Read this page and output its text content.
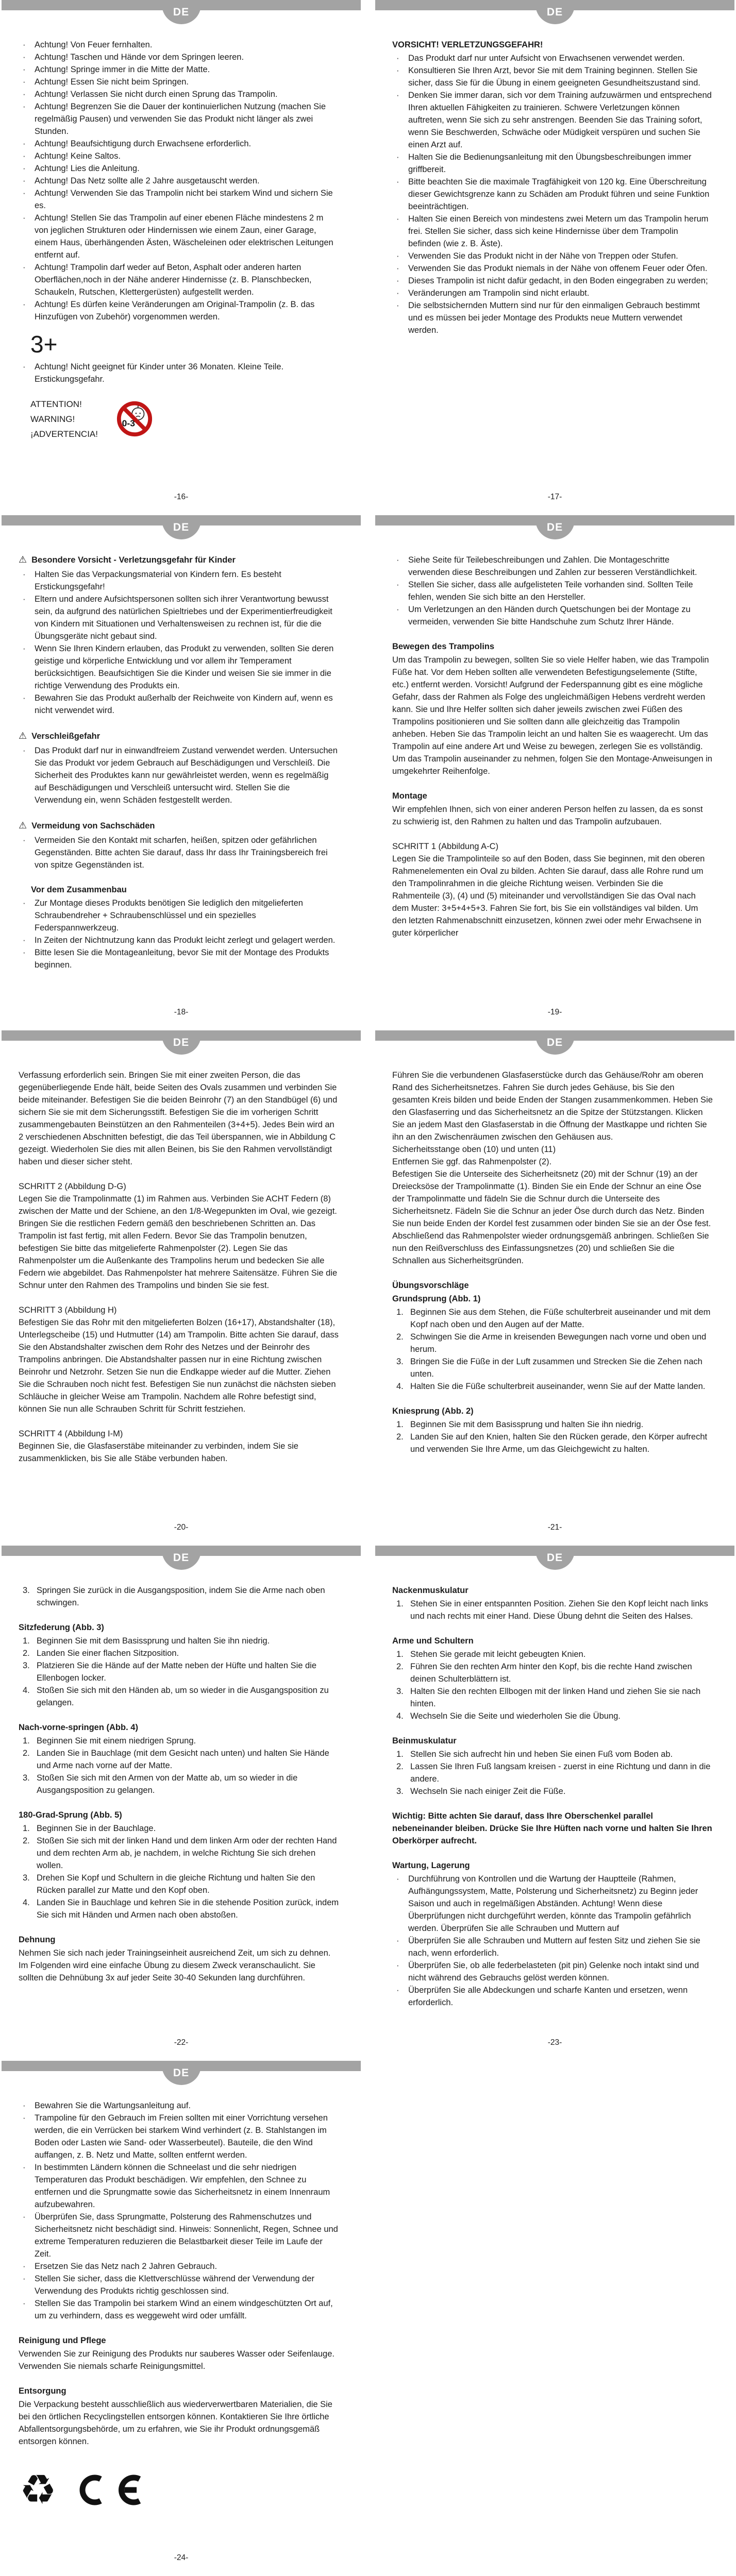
DE
·	Achtung! Von Feuer fernhalten.
·	Achtung! Taschen und Hände vor dem Springen leeren.
·	Achtung! Springe immer in die Mitte der Matte.
·	Achtung! Essen Sie nicht beim Springen.
·	Achtung! Verlassen Sie nicht durch einen Sprung das Trampolin.
·	Achtung! Begrenzen Sie die Dauer der kontinuierlichen Nutzung (machen Sie regelmäßig Pausen) und verwenden Sie das Produkt nicht länger als zwei Stunden.
·	Achtung! Beaufsichtigung durch Erwachsene erforderlich.
·	Achtung! Keine Saltos.
·	Achtung! Lies die Anleitung.
·	Achtung! Das Netz sollte alle 2 Jahre ausgetauscht werden.
·	Achtung! Verwenden Sie das Trampolin nicht bei starkem Wind und sichern Sie es.
·	Achtung! Stellen Sie das Trampolin auf einer ebenen Fläche mindestens 2 m von jeglichen Strukturen oder Hindernissen wie einem Zaun, einer Garage, einem Haus, überhängenden Ästen, Wäscheleinen oder elektrischen Leitungen entfernt auf.
·	Achtung! Trampolin darf weder auf Beton, Asphalt oder anderen harten Oberflächen,noch in der Nähe anderer Hindernisse (z. B. Planschbecken, Schaukeln, Rutschen, Klettergerüsten) aufgestellt werden.
·	Achtung! Es dürfen keine Veränderungen am Original-Trampolin (z. B. das Hinzufügen von Zubehör) vorgenommen werden.
3+
·	Achtung! Nicht geeignet für Kinder unter 36 Monaten. Kleine Teile. Erstickungsgefahr.
ATTENTION!
WARNING!
¡ADVERTENCIA!
0-3
-16-
DE
VORSICHT! VERLETZUNGSGEFAHR!
·	Das Produkt darf nur unter Aufsicht von Erwachsenen verwendet werden.
·	Konsultieren Sie Ihren Arzt, bevor Sie mit dem Training beginnen. Stellen Sie sicher, dass Sie für die Übung in einem geeigneten Gesundheitszustand sind.
·	Denken Sie immer daran, sich vor dem Training aufzuwärmen und entsprechend Ihren aktuellen Fähigkeiten zu trainieren. Schwere Verletzungen können auftreten, wenn Sie sich zu sehr anstrengen. Beenden Sie das Training sofort, wenn Sie Beschwerden, Schwäche oder Müdigkeit verspüren und suchen Sie einen Arzt auf.
·	Halten Sie die Bedienungsanleitung mit den Übungsbeschreibungen immer griffbereit.
·	Bitte beachten Sie die maximale Tragfähigkeit von 120 kg. Eine Überschreitung dieser Gewichtsgrenze kann zu Schäden am Produkt führen und seine Funktion beeinträchtigen.
·	Halten Sie einen Bereich von mindestens zwei Metern um das Trampolin herum frei. Stellen Sie sicher, dass sich keine Hindernisse über dem Trampolin befinden (wie z. B. Äste).
·	Verwenden Sie das Produkt nicht in der Nähe von Treppen oder Stufen.
·	Verwenden Sie das Produkt niemals in der Nähe von offenem Feuer oder Öfen.
·	Dieses Trampolin ist nicht dafür gedacht, in den Boden eingegraben zu werden;
·	Veränderungen am Trampolin sind nicht erlaubt.
·	Die selbstsichernden Muttern sind nur für den einmaligen Gebrauch bestimmt und es müssen bei jeder Montage des Produkts neue Muttern verwendet werden.
-17-
DE
⚠ Besondere Vorsicht - Verletzungsgefahr für Kinder
·	Halten Sie das Verpackungsmaterial von Kindern fern. Es besteht Erstickungsgefahr!
·	Eltern und andere Aufsichtspersonen sollten sich ihrer Verantwortung bewusst sein, da aufgrund des natürlichen Spieltriebes und der Experimentierfreudigkeit von Kindern mit Situationen und Verhaltensweisen zu rechnen ist, für die die Übungsgeräte nicht gebaut sind.
·	Wenn Sie Ihren Kindern erlauben, das Produkt zu verwenden, sollten Sie deren geistige und körperliche Entwicklung und vor allem ihr Temperament berücksichtigen. Beaufsichtigen Sie die Kinder und weisen Sie sie immer in die richtige Verwendung des Produkts ein.
·	Bewahren Sie das Produkt außerhalb der Reichweite von Kindern auf, wenn es nicht verwendet wird.
⚠ Verschleißgefahr
·	Das Produkt darf nur in einwandfreiem Zustand verwendet werden. Untersuchen Sie das Produkt vor jedem Gebrauch auf Beschädigungen und Verschleiß. Die Sicherheit des Produktes kann nur gewährleistet werden, wenn es regelmäßig auf Beschädigungen und Verschleiß untersucht wird. Stellen Sie die Verwendung ein, wenn Schäden festgestellt werden.
⚠ Vermeidung von Sachschäden
·	Vermeiden Sie den Kontakt mit scharfen, heißen, spitzen oder gefährlichen Gegenständen. Bitte achten Sie darauf, dass Ihr dass Ihr Trainingsbereich frei von spitze Gegenständen ist.
Vor dem Zusammenbau
·	Zur Montage dieses Produkts benötigen Sie lediglich den mitgelieferten Schraubendreher + Schraubenschlüssel und ein spezielles Federspannwerkzeug.
·	In Zeiten der Nichtnutzung kann das Produkt leicht zerlegt und gelagert werden.
·	Bitte lesen Sie die Montageanleitung, bevor Sie mit der Montage des Produkts beginnen.
-18-
DE
·	Siehe Seite für Teilebeschreibungen und Zahlen. Die Montageschritte verwenden diese Beschreibungen und Zahlen zur besseren Verständlichkeit.
·	Stellen Sie sicher, dass alle aufgelisteten Teile vorhanden sind. Sollten Teile fehlen, wenden Sie sich bitte an den Hersteller.
·	Um Verletzungen an den Händen durch Quetschungen bei der Montage zu vermeiden, verwenden Sie bitte Handschuhe zum Schutz Ihrer Hände.
Bewegen des Trampolins

Um das Trampolin zu bewegen, sollten Sie so viele Helfer haben, wie das Trampolin Füße hat. Vor dem Heben sollten alle verwendeten Befestigungselemente (Stifte, etc.) entfernt werden. Vorsicht! Aufgrund der Federspannung gibt es eine mögliche Gefahr, dass der Rahmen als Folge des ungleichmäßigen Hebens verdreht werden kann. Sie und Ihre Helfer sollten sich daher jeweils zwischen zwei Füßen des Trampolins positionieren und Sie sollten dann alle gleichzeitig das Trampolin anheben. Heben Sie das Trampolin leicht an und halten Sie es waagerecht. Um das Trampolin auf eine andere Art und Weise zu bewegen, zerlegen Sie es vollständig. Um das Trampolin auseinander zu nehmen, folgen Sie den Montage-Anweisungen in umgekehrter Reihenfolge.

Montage

Wir empfehlen Ihnen, sich von einer anderen Person helfen zu lassen, da es sonst zu schwierig ist, den Rahmen zu halten und das Trampolin aufzubauen.

SCHRITT 1 (Abbildung A-C)

Legen Sie die Trampolinteile so auf den Boden, dass Sie beginnen, mit den oberen Rahmenelementen ein Oval zu bilden. Achten Sie darauf, dass alle Rohre rund um den Trampolinrahmen in die gleiche Richtung weisen. Verbinden Sie die Rahmenteile (3), (4) und (5) miteinander und vervollständigen Sie das Oval nach dem Muster: 3+5+4+5+3. Fahren Sie fort, bis Sie ein vollständiges val bilden. Um den letzten Rahmenabschnitt einzusetzen, können zwei oder mehr Erwachsene in guter körperlicher

-19-
DE

Verfassung erforderlich sein. Bringen Sie mit einer zweiten Person, die das gegenüberliegende Ende hält, beide Seiten des Ovals zusammen und verbinden Sie beide miteinander. Befestigen Sie die beiden Beinrohr (7) an den Standbügel (6) und sichern Sie sie mit dem Sicherungsstift. Befestigen Sie die im vorherigen Schritt zusammengebauten Beinstützen an den Rahmenteilen (3+4+5). Jedes Bein wird an 2 verschiedenen Abschnitten befestigt, die das Teil überspannen, wie in Abbildung C gezeigt. Wiederholen Sie dies mit allen Beinen, bis Sie den Rahmen vervollständigt haben und dieser sicher steht.

SCHRITT 2 (Abbildung D-G)

Legen Sie die Trampolinmatte (1) im Rahmen aus. Verbinden Sie ACHT Federn (8) zwischen der Matte und der Schiene, an den 1/8-Wegepunkten im Oval, wie gezeigt. Bringen Sie die restlichen Federn gemäß den beschriebenen Schritten an. Das Trampolin ist fast fertig, mit allen Federn. Bevor Sie das Trampolin benutzen, befestigen Sie bitte das mitgelieferte Rahmenpolster (2). Legen Sie das Rahmenpolster um die Außenkante des Trampolins herum und bedecken Sie alle Federn wie abgebildet. Das Rahmenpolster hat mehrere Saitensätze. Führen Sie die Schnur unter den Rahmen des Trampolins und binden Sie sie fest.

SCHRITT 3 (Abbildung H)

Befestigen Sie das Rohr mit den mitgelieferten Bolzen (16+17), Abstandshalter (18), Unterlegscheibe (15) und Hutmutter (14) am Trampolin. Bitte achten Sie darauf, dass Sie den Abstandshalter zwischen dem Rohr des Netzes und der Beinrohr des Trampolins anbringen. Die Abstandshalter passen nur in eine Richtung zwischen Beinrohr und Netzrohr. Setzen Sie nun die Endkappe wieder auf die Mutter. Ziehen Sie die Schrauben noch nicht fest. Befestigen Sie nun zunächst die nächsten sieben Schläuche in gleicher Weise am Trampolin. Nachdem alle Rohre befestigt sind, können Sie nun alle Schrauben Schritt für Schritt festziehen.

SCHRITT 4 (Abbildung I-M)

Beginnen Sie, die Glasfaserstäbe miteinander zu verbinden, indem Sie sie zusammenklicken, bis Sie alle Stäbe verbunden haben.

-20-
DE

Führen Sie die verbundenen Glasfaserstücke durch das Gehäuse/Rohr am oberen Rand des Sicherheitsnetzes. Fahren Sie durch jedes Gehäuse, bis Sie den gesamten Kreis bilden und beide Enden der Stangen zusammenkommen. Heben Sie den Glasfaserring und das Sicherheitsnetz an die Spitze der Stützstangen. Klicken Sie an jedem Mast den Glasfaserstab in die Öffnung der Mastkappe und richten Sie ihn an den Zwischenräumen zwischen den Gehäusen aus.

Sicherheitsstange oben (10) und unten (11)

Entfernen Sie ggf. das Rahmenpolster (2).

Befestigen Sie die Unterseite des Sicherheitsnetz (20) mit der Schnur (19) an der Dreiecksöse der Trampolinmatte (1). Binden Sie ein Ende der Schnur an eine Öse der Trampolinmatte und fädeln Sie die Schnur durch die Unterseite des Sicherheitsnetz. Fädeln Sie die Schnur an jeder Öse durch durch das Netz. Binden Sie nun beide Enden der Kordel fest zusammen oder binden Sie sie an der Öse fest. Abschließend das Rahmenpolster wieder ordnungsgemäß anbringen. Schließen Sie nun den Reißverschluss des Einfassungsnetzes (20) und schließen Sie die Schnallen aus Sicherheitsgründen.

Übungsvorschläge
Grundsprung (Abb. 1)
1. Beginnen Sie aus dem Stehen, die Füße schulterbreit auseinander und mit dem Kopf nach oben und den Augen auf der Matte.
2. Schwingen Sie die Arme in kreisenden Bewegungen nach vorne und oben und herum.
3. Bringen Sie die Füße in der Luft zusammen und Strecken Sie die Zehen nach unten.
4. Halten Sie die Füße schulterbreit auseinander, wenn Sie auf der Matte landen.
Kniesprung (Abb. 2)
1. Beginnen Sie mit dem Basissprung und halten Sie ihn niedrig.
2. Landen Sie auf den Knien, halten Sie den Rücken gerade, den Körper aufrecht und verwenden Sie Ihre Arme, um das Gleichgewicht zu halten.
-21-
DE
3. Springen Sie zurück in die Ausgangsposition, indem Sie die Arme nach oben schwingen.
Sitzfederung (Abb. 3)
1. Beginnen Sie mit dem Basissprung und halten Sie ihn niedrig.
2. Landen Sie einer flachen Sitzposition.
3. Platzieren Sie die Hände auf der Matte neben der Hüfte und halten Sie die Ellenbogen locker.
4. Stoßen Sie sich mit den Händen ab, um so wieder in die Ausgangsposition zu gelangen.
Nach-vorne-springen (Abb. 4)
1. Beginnen Sie mit einem niedrigen Sprung.
2. Landen Sie in Bauchlage (mit dem Gesicht nach unten) und halten Sie Hände und Arme nach vorne auf der Matte.
3. Stoßen Sie sich mit den Armen von der Matte ab, um so wieder in die Ausgangsposition zu gelangen.
180-Grad-Sprung (Abb. 5)
1. Beginnen Sie in der Bauchlage.
2. Stoßen Sie sich mit der linken Hand und dem linken Arm oder der rechten Hand und dem rechten Arm ab, je nachdem, in welche Richtung Sie sich drehen wollen.
3. Drehen Sie Kopf und Schultern in die gleiche Richtung und halten Sie den Rücken parallel zur Matte und den Kopf oben.
4. Landen Sie in Bauchlage und kehren Sie in die stehende Position zurück, indem Sie sich mit Händen und Armen nach oben abstoßen.
Dehnung

Nehmen Sie sich nach jeder Trainingseinheit ausreichend Zeit, um sich zu dehnen. Im Folgenden wird eine einfache Übung zu diesem Zweck veranschaulicht. Sie sollten die Dehnübung 3x auf jeder Seite 30-40 Sekunden lang durchführen.

-22-
DE
Nackenmuskulatur
1. Stehen Sie in einer entspannten Position. Ziehen Sie den Kopf leicht nach links und nach rechts mit einer Hand. Diese Übung dehnt die Seiten des Halses.
Arme und Schultern
1. Stehen Sie gerade mit leicht gebeugten Knien.
2. Führen Sie den rechten Arm hinter den Kopf, bis die rechte Hand zwischen deinen Schulterblättern ist.
3. Halten Sie den rechten Ellbogen mit der linken Hand und ziehen Sie sie nach hinten.
4. Wechseln Sie die Seite und wiederholen Sie die Übung.
Beinmuskulatur
1. Stellen Sie sich aufrecht hin und heben Sie einen Fuß vom Boden ab.
2. Lassen Sie Ihren Fuß langsam kreisen - zuerst in eine Richtung und dann in die andere.
3. Wechseln Sie nach einiger Zeit die Füße.

Wichtig: Bitte achten Sie darauf, dass Ihre Oberschenkel parallel nebeneinander bleiben. Drücke Sie Ihre Hüften nach vorne und halten Sie Ihren Oberkörper aufrecht.

Wartung, Lagerung
·	Durchführung von Kontrollen und die Wartung der Hauptteile (Rahmen, Aufhängungssystem, Matte, Polsterung und Sicherheitsnetz) zu Beginn jeder Saison und auch in regelmäßigen Abständen. Achtung! Wenn diese Überprüfungen nicht durchgeführt werden, könnte das Trampolin gefährlich werden. Überprüfen Sie alle Schrauben und Muttern auf
·	Überprüfen Sie alle Schrauben und Muttern auf festen Sitz und ziehen Sie sie nach, wenn erforderlich.
·	Überprüfen Sie, ob alle federbelasteten (pit pin) Gelenke noch intakt sind und nicht während des Gebrauchs gelöst werden können.
·	Überprüfen Sie alle Abdeckungen und scharfe Kanten und ersetzen, wenn erforderlich.
-23-
DE
·	Bewahren Sie die Wartungsanleitung auf.
·	Trampoline für den Gebrauch im Freien sollten mit einer Vorrichtung versehen werden, die ein Verrücken bei starkem Wind verhindert (z. B. Stahlstangen im Boden oder Lasten wie Sand- oder Wasserbeutel). Bauteile, die den Wind auffangen, z. B. Netz und Matte, sollten entfernt werden.
·	In bestimmten Ländern können die Schneelast und die sehr niedrigen Temperaturen das Produkt beschädigen. Wir empfehlen, den Schnee zu entfernen und die Sprungmatte sowie das Sicherheitsnetz in einem Innenraum aufzubewahren.
·	Überprüfen Sie, dass Sprungmatte, Polsterung des Rahmenschutzes und Sicherheitsnetz nicht beschädigt sind. Hinweis: Sonnenlicht, Regen, Schnee und extreme Temperaturen reduzieren die Belastbarkeit dieser Teile im Laufe der Zeit.
·	Ersetzen Sie das Netz nach 2 Jahren Gebrauch.
·	Stellen Sie sicher, dass die Klettverschlüsse während der Verwendung der Verwendung des Produkts richtig geschlossen sind.
·	Stellen Sie das Trampolin bei starkem Wind an einem windgeschützten Ort auf, um zu verhindern, dass es weggeweht wird oder umfällt.
Reinigung und Pflege

Verwenden Sie zur Reinigung des Produkts nur sauberes Wasser oder Seifenlauge. Verwenden Sie niemals scharfe Reinigungsmittel.

Entsorgung

Die Verpackung besteht ausschließlich aus wiederverwertbaren Materialien, die Sie bei den örtlichen Recyclingstellen entsorgen können. Kontaktieren Sie Ihre örtliche Abfallentsorgungsbehörde, um zu erfahren, wie Sie ihr Produkt ordnungsgemäß entsorgen können.

♻
-24-
